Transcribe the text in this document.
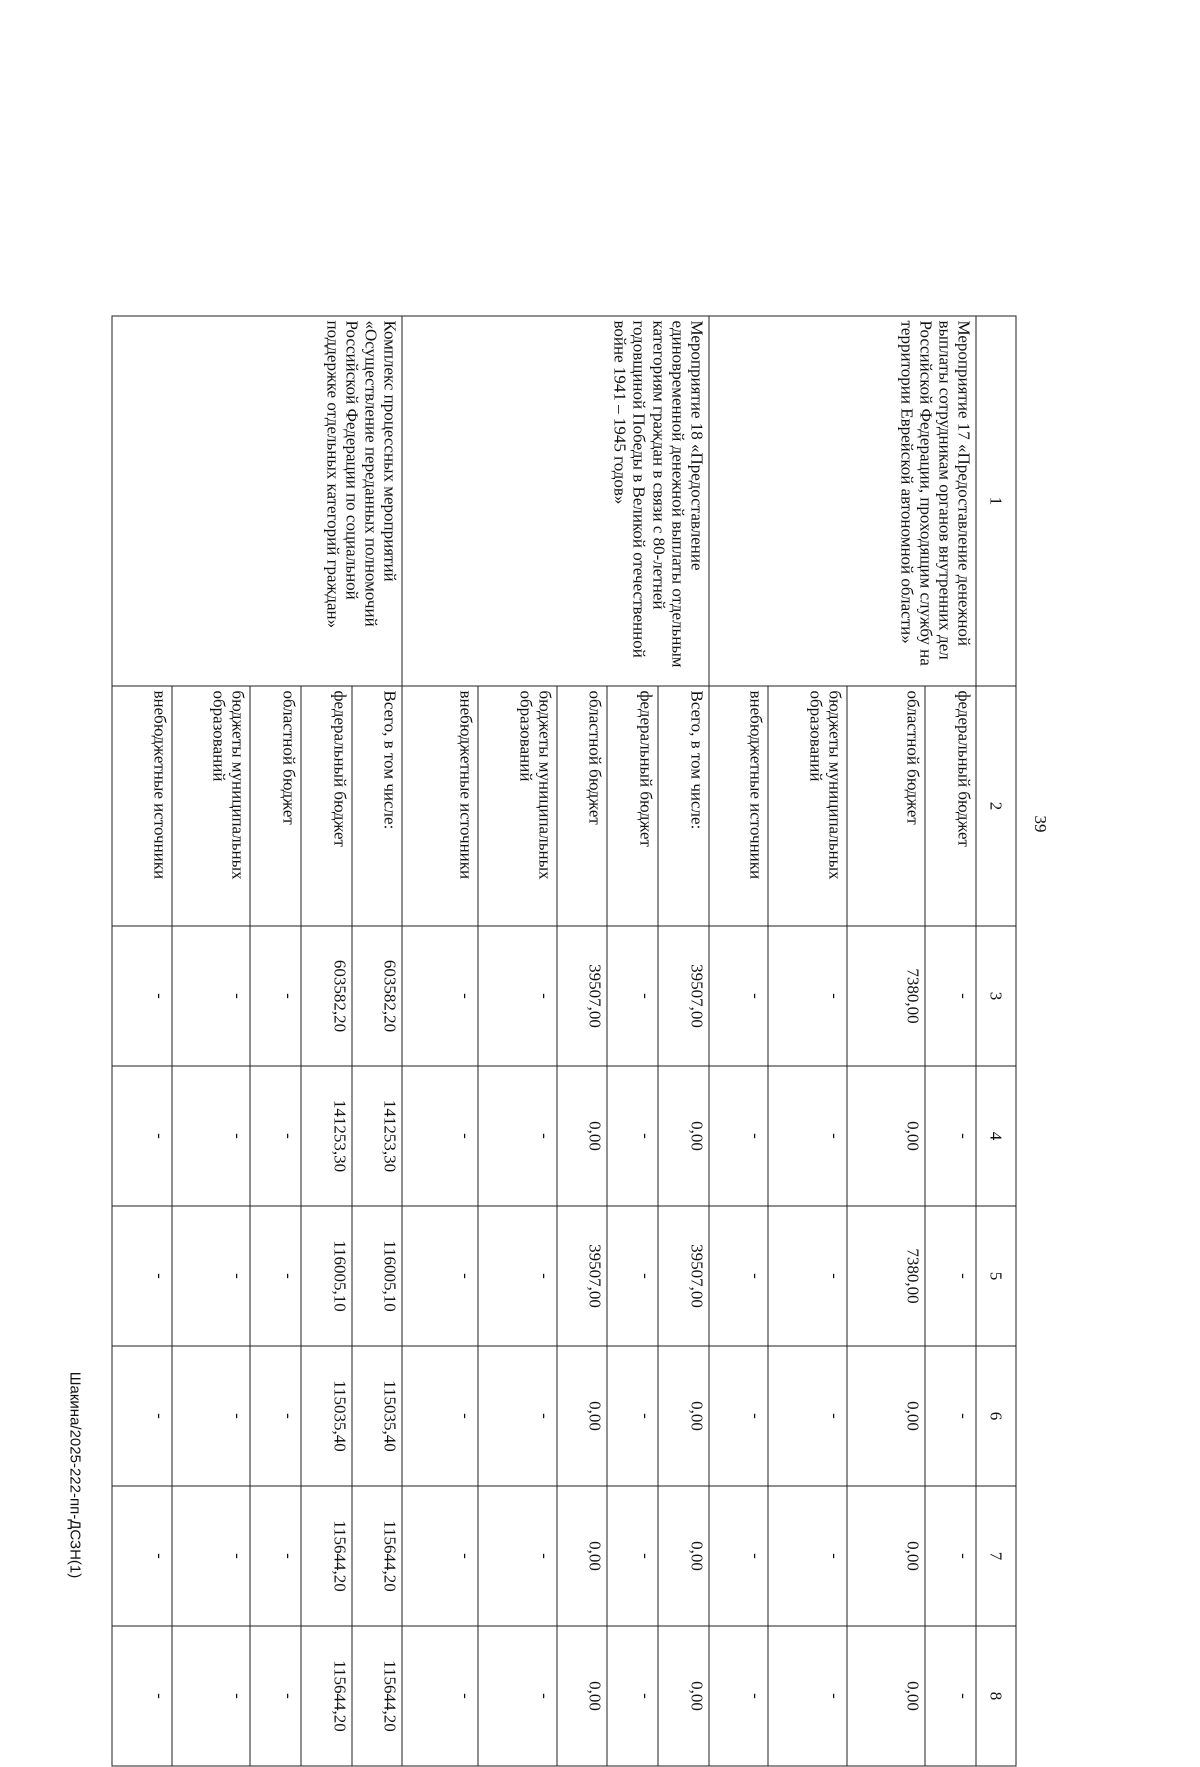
39
Шакина/2025-222-пп-ДСЗН(1)
1	2	3	4	5	6	7	8
Мероприятие 17 «Предоставление денежной выплаты сотрудникам органов внутренних дел Российской Федерации, проходящим службу на территории Еврейской автономной области»	федеральный бюджет	-	-	-	-	-	-
	областной бюджет	7380,00	0,00	7380,00	0,00	0,00	0,00
	бюджеты муниципальных образований	-	-	-	-	-	-
	внебюджетные источники	-	-	-	-	-	-
Мероприятие 18 «Предоставление единовременной денежной выплаты отдельным категориям граждан в связи с 80-летней годовщиной Победы в Великой отечественной войне 1941 – 1945 годов»	Всего, в том числе:	39507,00	0,00	39507,00	0,00	0,00	0,00
	федеральный бюджет	-	-	-	-	-	-
	областной бюджет	39507,00	0,00	39507,00	0,00	0,00	0,00
	бюджеты муниципальных образований	-	-	-	-	-	-
	внебюджетные источники	-	-	-	-	-	-
Комплекс процессных мероприятий «Осуществление переданных полномочий Российской Федерации по социальной поддержке отдельных категорий граждан»	Всего, в том числе:	603582,20	141253,30	116005,10	115035,40	115644,20	115644,20
	федеральный бюджет	603582,20	141253,30	116005,10	115035,40	115644,20	115644,20
	областной бюджет	-	-	-	-	-	-
	бюджеты муниципальных образований	-	-	-	-	-	-
	внебюджетные источники	-	-	-	-	-	-
